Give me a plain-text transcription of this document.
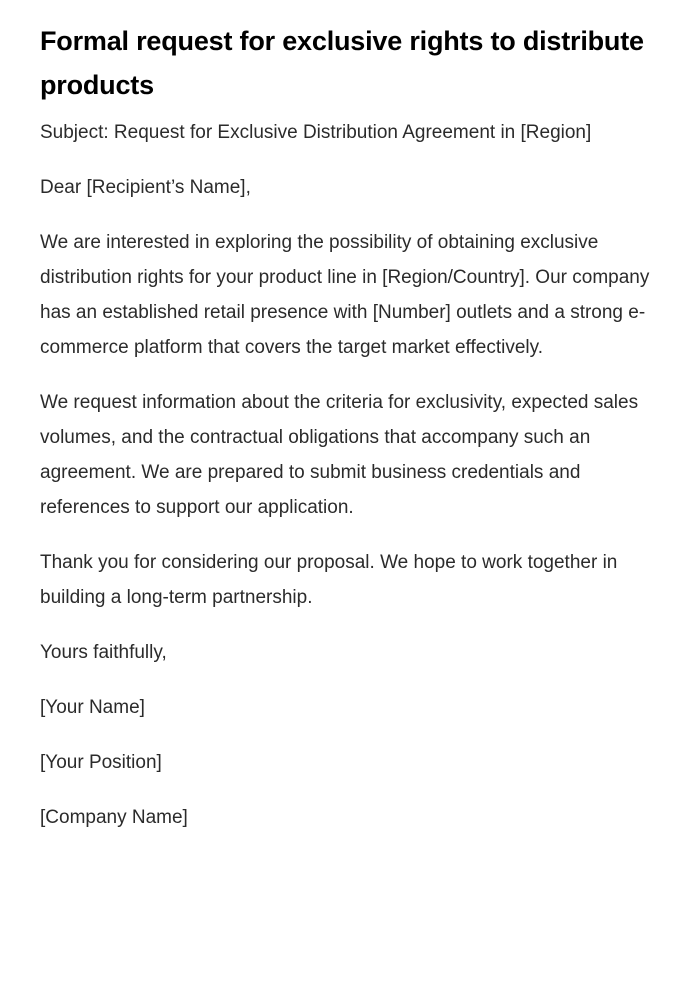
Formal request for exclusive rights to distribute products

Subject: Request for Exclusive Distribution Agreement in [Region]

Dear [Recipient’s Name],

We are interested in exploring the possibility of obtaining exclusive distribution rights for your product line in [Region/Country]. Our company has an established retail presence with [Number] outlets and a strong e-commerce platform that covers the target market effectively.

We request information about the criteria for exclusivity, expected sales volumes, and the contractual obligations that accompany such an agreement. We are prepared to submit business credentials and references to support our application.

Thank you for considering our proposal. We hope to work together in building a long-term partnership.

Yours faithfully,

[Your Name]

[Your Position]

[Company Name]
